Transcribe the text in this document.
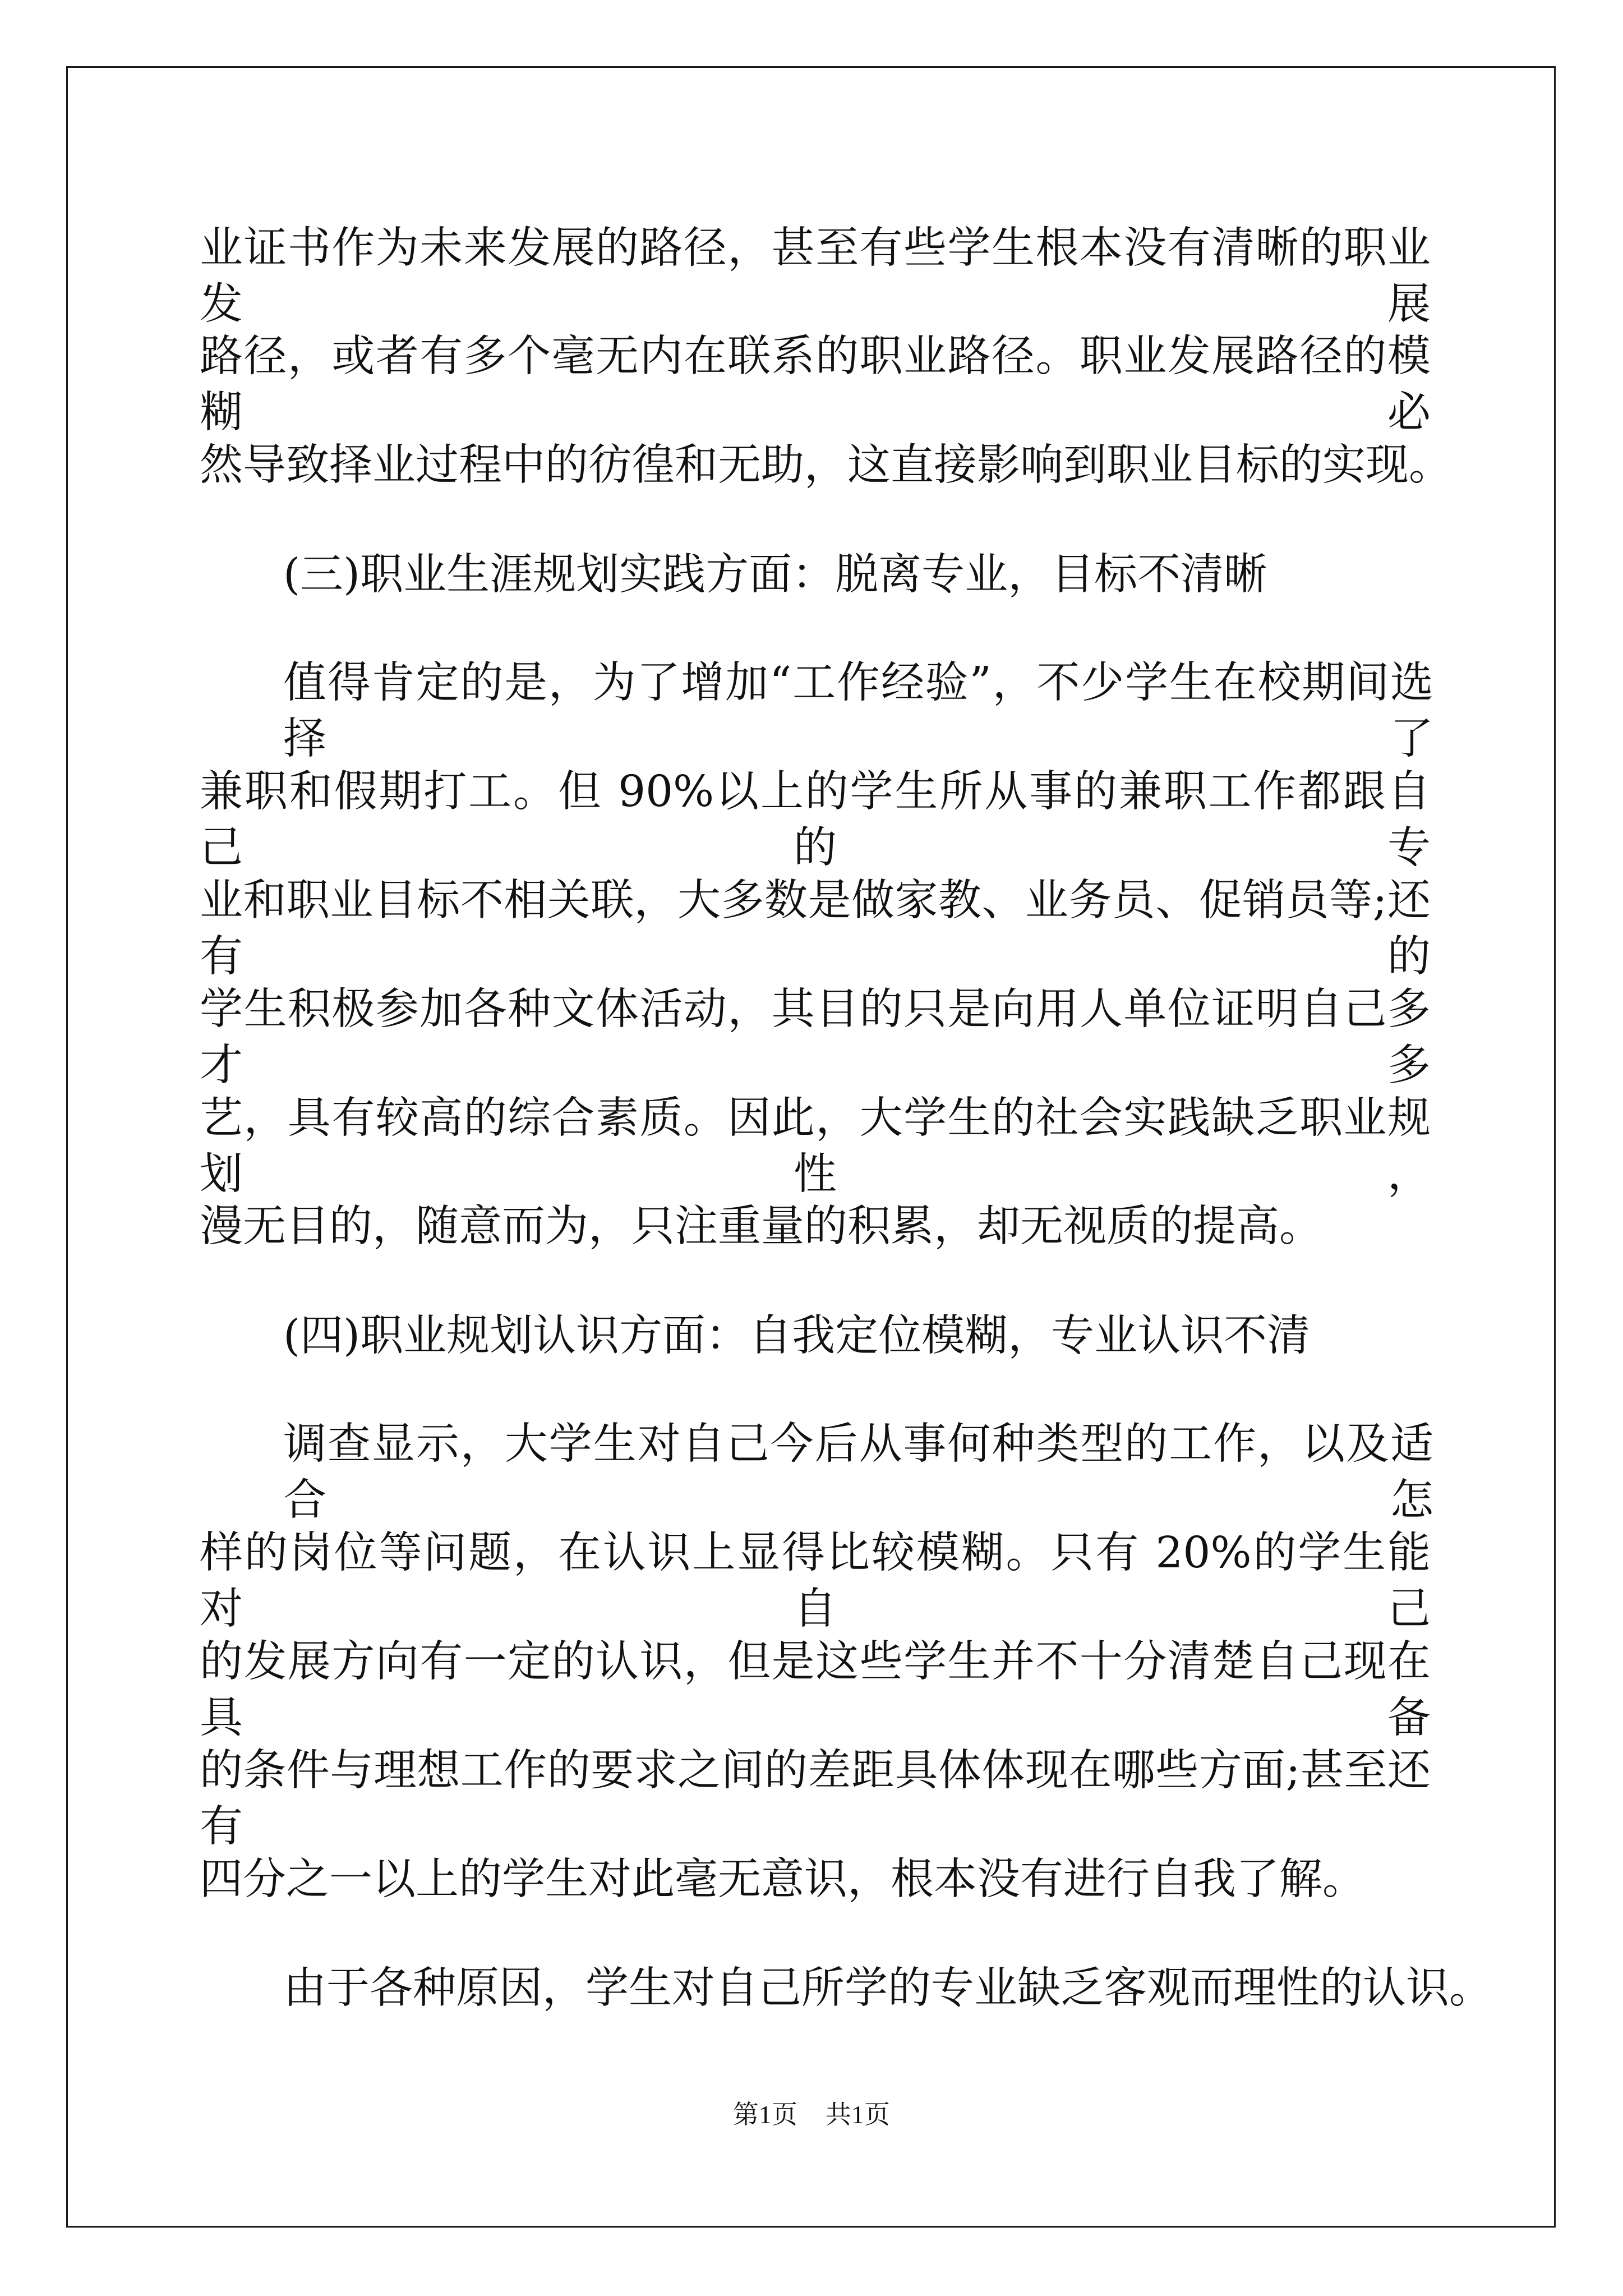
业证书作为未来发展的路径，甚至有些学生根本没有清晰的职业发展
路径，或者有多个毫无内在联系的职业路径。职业发展路径的模糊必
然导致择业过程中的彷徨和无助，这直接影响到职业目标的实现。
(三)职业生涯规划实践方面：脱离专业，目标不清晰
值得肯定的是，为了增加“工作经验”，不少学生在校期间选择了
兼职和假期打工。但 90%以上的学生所从事的兼职工作都跟自己的专
业和职业目标不相关联，大多数是做家教、业务员、促销员等;还有的
学生积极参加各种文体活动，其目的只是向用人单位证明自己多才多
艺，具有较高的综合素质。因此，大学生的社会实践缺乏职业规划性，
漫无目的，随意而为，只注重量的积累，却无视质的提高。
(四)职业规划认识方面：自我定位模糊，专业认识不清
调查显示，大学生对自己今后从事何种类型的工作，以及适合怎
样的岗位等问题，在认识上显得比较模糊。只有 20%的学生能对自己
的发展方向有一定的认识，但是这些学生并不十分清楚自己现在具备
的条件与理想工作的要求之间的差距具体体现在哪些方面;甚至还有
四分之一以上的学生对此毫无意识，根本没有进行自我了解。
由于各种原因，学生对自己所学的专业缺乏客观而理性的认识。
第1页 共1页
